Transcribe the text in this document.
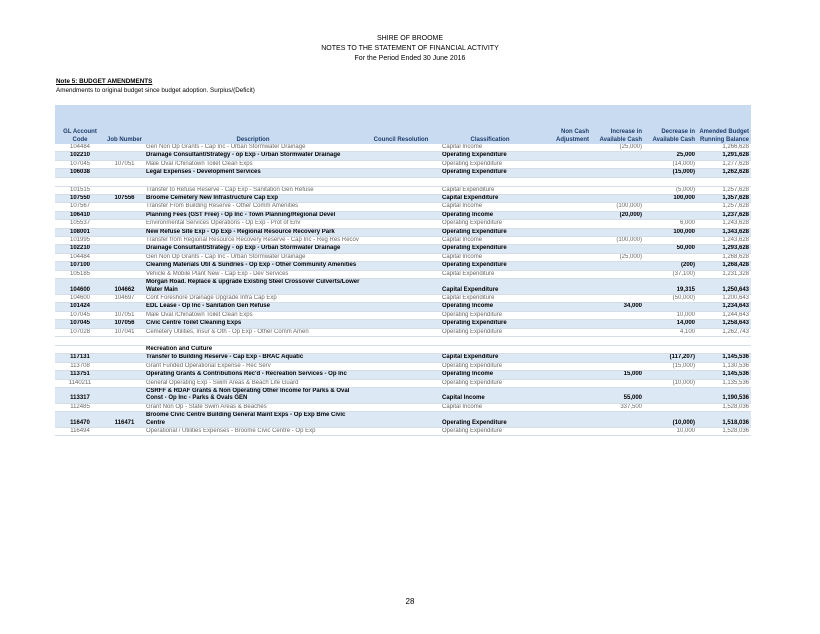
SHIRE OF BROOME
NOTES TO THE STATEMENT OF FINANCIAL ACTIVITY
For the Period Ended 30 June 2016
Note 5: BUDGET AMENDMENTS
Amendments to original budget since budget adoption. Surplus/(Deficit)
GL Account Code	Job Number	Description	Council Resolution	Classification	Non Cash Adjustment	Increase in Available Cash	Decrease in Available Cash	Amended Budget Running Balance
104484		Gen Non Op Grants - Cap Inc - Urban Stormwater Drainage		Capital Income		(25,000)		1,266,628
102210		Drainage Consultant/Strategy - op Exp - Urban Stormwater Drainage		Operating Expenditure			25,000	1,291,628
107045	107051	Male Oval /Chinatown Toilet Clean Exps		Operating Expenditure			(14,000)	1,277,628
106038		Legal Expenses - Development Services		Operating Expenditure			(15,000)	1,262,628

101515		Transfer to Refuse Reserve - Cap Exp - Sanitation Gen Refuse		Capital Expenditure			(5,000)	1,257,628
107550	107556	Broome Cemetery New Infrastructure Cap Exp		Capital Expenditure			100,000	1,357,628
107567		Transfer From Building Reserve - Other Comm Amenities		Capital Income		(100,000)		1,257,628
106410		Planning Fees (GST Free) - Op Inc - Town Planning/Regional Devel		Operating Income		(20,000)		1,237,628
105537		Environmental Services Operations - Op Exp - Prot of Env		Operating Expenditure			6,000	1,243,628
108001		New Refuse Site Exp - Op Exp - Regional Resource Recovery Park		Operating Expenditure			100,000	1,343,628
101995		Transfer from Regional Resource Recovery Reserve - Cap Inc - Reg Res Recov		Capital Income		(100,000)		1,243,628
102210		Drainage Consultant/Strategy - op Exp - Urban Stormwater Drainage		Operating Expenditure			50,000	1,293,628
104484		Gen Non Op Grants - Cap Inc - Urban Stormwater Drainage		Capital Income		(25,000)		1,268,628
107100		Cleaning Materials Util & Sundries - Op Exp - Other Community Amenities		Operating Expenditure			(200)	1,268,428
105185		Vehicle & Mobile Plant New - Cap Exp - Dev Services		Capital Expenditure			(37,100)	1,231,328
104600	104662	Morgan Road. Replace & upgrade Existing Steel Crossover Culverts/Lower Water Main		Capital Expenditure			19,315	1,250,643
104600	104697	Cont Foreshore Drainage Upgrade Infra Cap Exp		Capital Expenditure			(50,000)	1,200,643
101424		EDL Lease - Op Inc - Sanitation Gen Refuse		Operating Income		34,000		1,234,643
107045	107051	Male Oval /Chinatown Toilet Clean Exps		Operating Expenditure			10,000	1,244,643
107045	107056	Civic Centre Toilet Cleaning Exps		Operating Expenditure			14,000	1,258,643
107028	107041	Cemetery Utilities, Insur & Oth - Op Exp - Other Comm Amen		Operating Expenditure			4,100	1,262,743

		Recreation and Culture						
117131		Transfer to Building Reserve - Cap Exp - BRAC Aquatic		Capital Expenditure			(117,207)	1,145,536
113708		Grant Funded Operational Expense - Rec Serv		Operating Expenditure			(15,000)	1,130,536
113751		Operating Grants & Contributions Rec'd - Recreation Services - Op Inc		Operating Income		15,000		1,145,536
1140211		General Operating Exp - Swim Areas & Beach Life Guard		Operating Expenditure			(10,000)	1,135,536
113317		CSRFF & RDAF Grants & Non Operating Other Income for Parks & Oval Const - Op Inc - Parks & Ovals GEN		Capital Income		55,000		1,190,536
112485		Grant Non Op - State Swim Areas & Beaches		Capital Income		337,500		1,528,036
116470	116471	Broome Civic Centre Building General Maint Exps - Op Exp Bme Civic Centre		Operating Expenditure			(10,000)	1,518,036
116494		Operational / Utilities Expenses - Broome Civic Centre - Op Exp		Operating Expenditure			10,000	1,528,036
28
